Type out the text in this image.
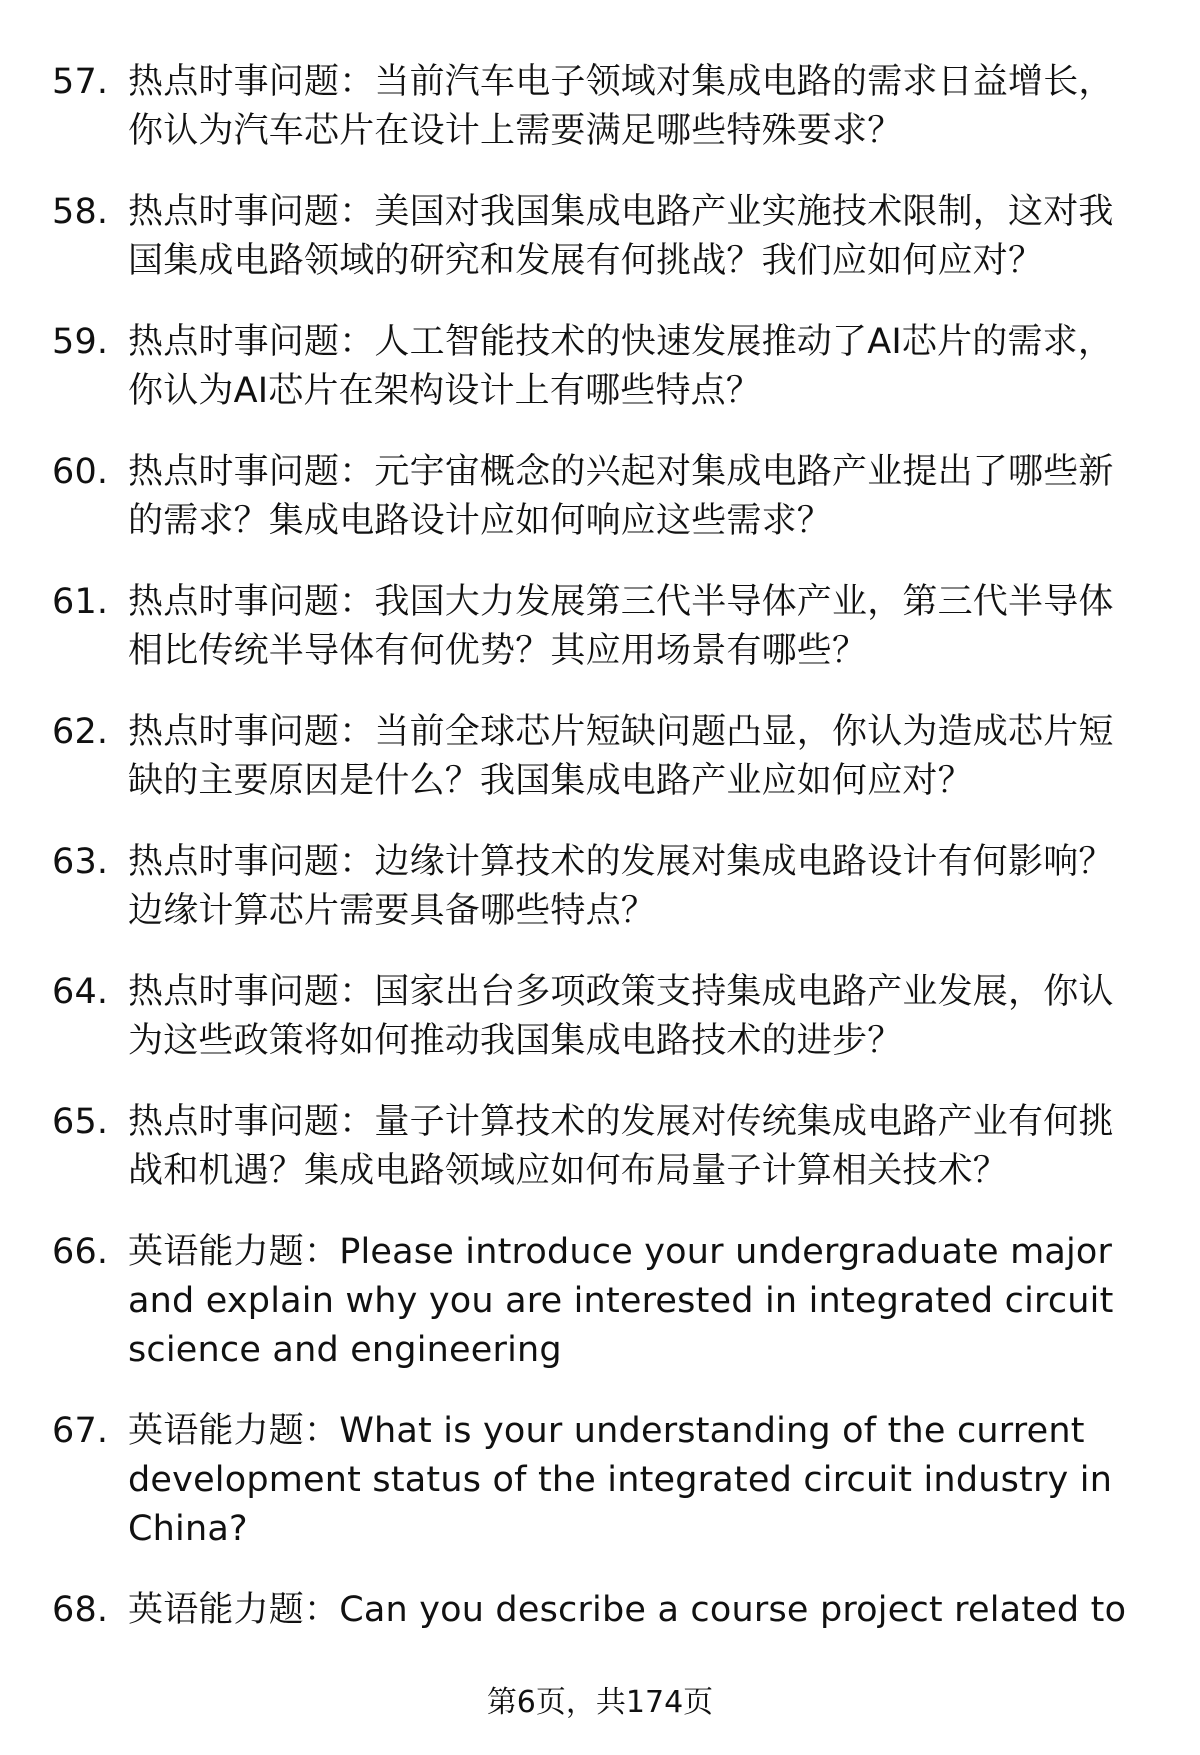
57. 热点时事问题：当前汽车电子领域对集成电路的需求日益增长，你认为汽车芯片在设计上需要满足哪些特殊要求？
58. 热点时事问题：美国对我国集成电路产业实施技术限制，这对我国集成电路领域的研究和发展有何挑战？我们应如何应对？
59. 热点时事问题：人工智能技术的快速发展推动了AI芯片的需求，你认为AI芯片在架构设计上有哪些特点？
60. 热点时事问题：元宇宙概念的兴起对集成电路产业提出了哪些新的需求？集成电路设计应如何响应这些需求？
61. 热点时事问题：我国大力发展第三代半导体产业，第三代半导体相比传统半导体有何优势？其应用场景有哪些？
62. 热点时事问题：当前全球芯片短缺问题凸显，你认为造成芯片短缺的主要原因是什么？我国集成电路产业应如何应对？
63. 热点时事问题：边缘计算技术的发展对集成电路设计有何影响？边缘计算芯片需要具备哪些特点？
64. 热点时事问题：国家出台多项政策支持集成电路产业发展，你认为这些政策将如何推动我国集成电路技术的进步？
65. 热点时事问题：量子计算技术的发展对传统集成电路产业有何挑战和机遇？集成电路领域应如何布局量子计算相关技术？
66. 英语能力题：Please introduce your undergraduate major and explain why you are interested in integrated circuit science and engineering
67. 英语能力题：What is your understanding of the current development status of the integrated circuit industry in China?
68. 英语能力题：Can you describe a course project related to
第6页，共174页
